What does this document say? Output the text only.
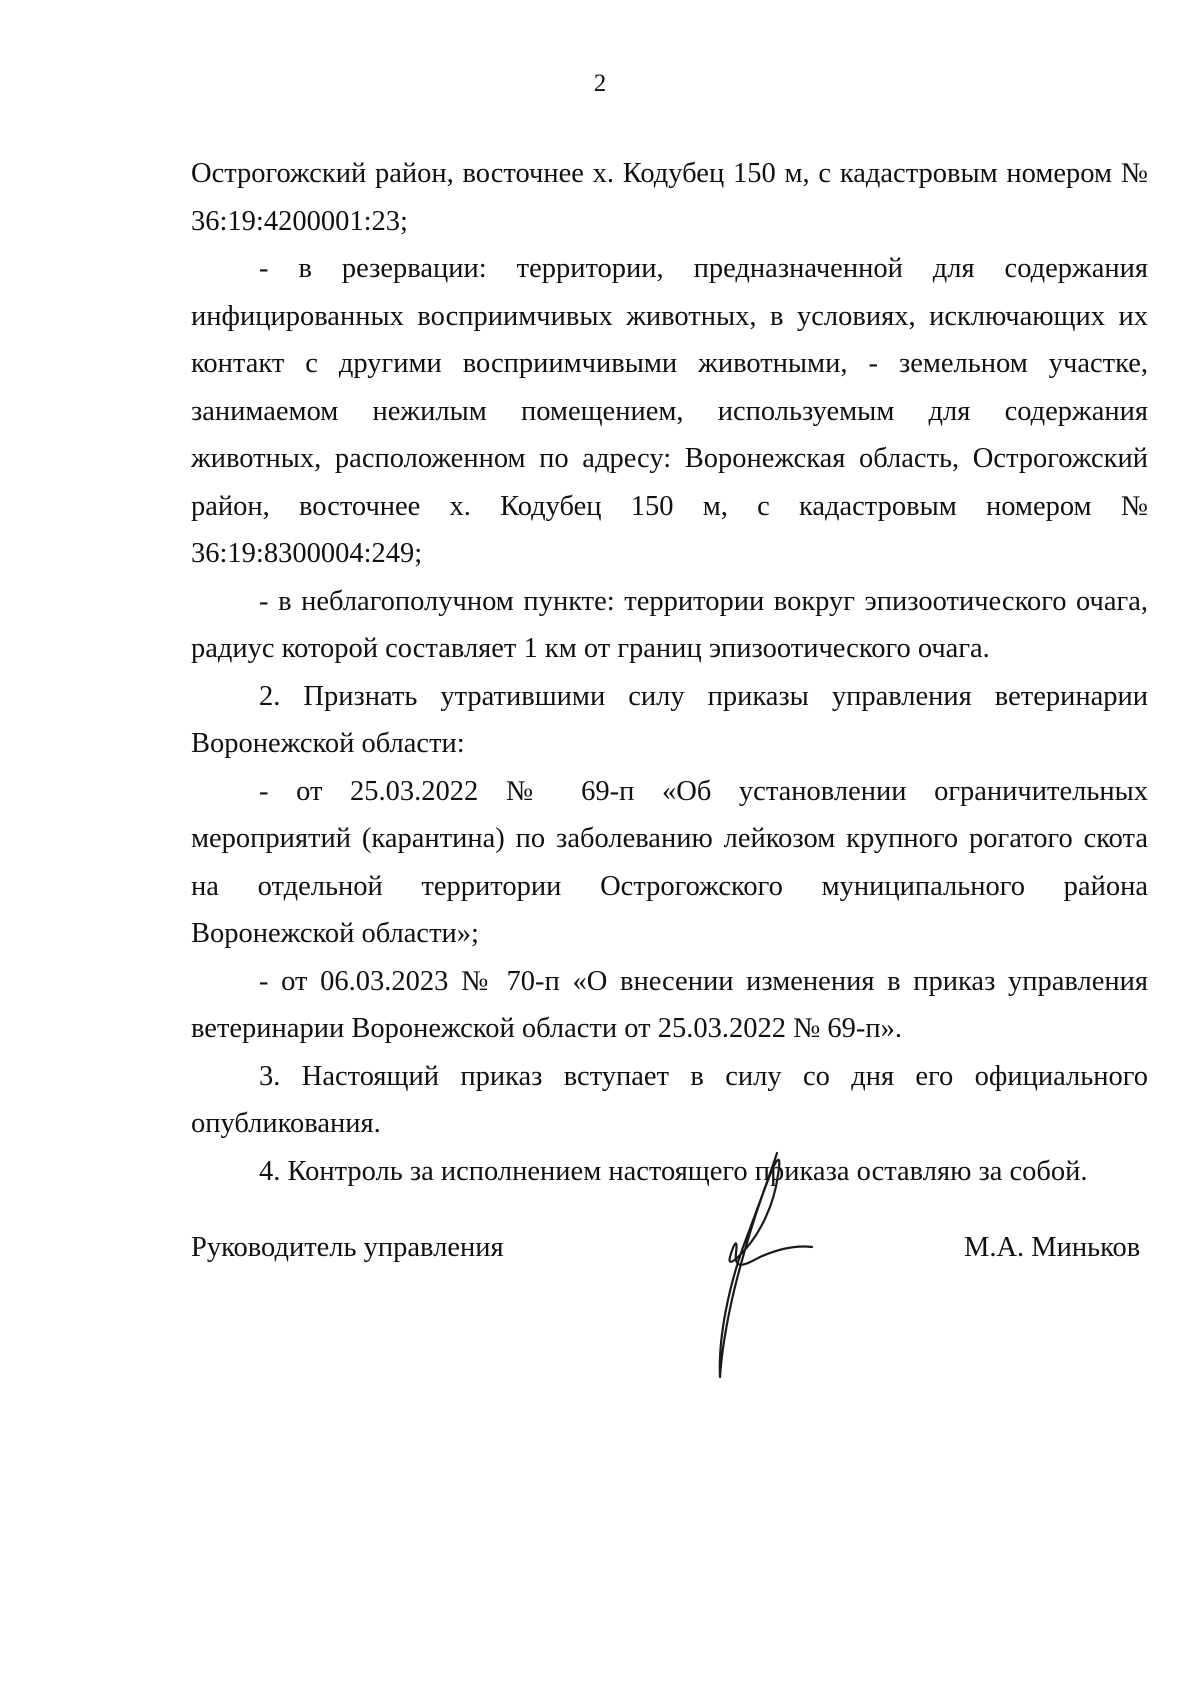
2

Острогожский район, восточнее х. Кодубец 150 м, с кадастровым номером № 36:19:4200001:23;

- в резервации: территории, предназначенной для содержания инфицированных восприимчивых животных, в условиях, исключающих их контакт с другими восприимчивыми животными, - земельном участке, занимаемом нежилым помещением, используемым для содержания животных, расположенном по адресу: Воронежская область, Острогожский район, восточнее х. Кодубец 150 м, с кадастровым номером № 36:19:8300004:249;

- в неблагополучном пункте: территории вокруг эпизоотического очага, радиус которой составляет 1 км от границ эпизоотического очага.

2. Признать утратившими силу приказы управления ветеринарии Воронежской области:

- от 25.03.2022 № 69-п «Об установлении ограничительных мероприятий (карантина) по заболеванию лейкозом крупного рогатого скота на отдельной территории Острогожского муниципального района Воронежской области»;

- от 06.03.2023 № 70-п «О внесении изменения в приказ управления ветеринарии Воронежской области от 25.03.2022 № 69-п».

3. Настоящий приказ вступает в силу со дня его официального опубликования.

4. Контроль за исполнением настоящего приказа оставляю за собой.

Руководитель управления	М.А. Миньков
